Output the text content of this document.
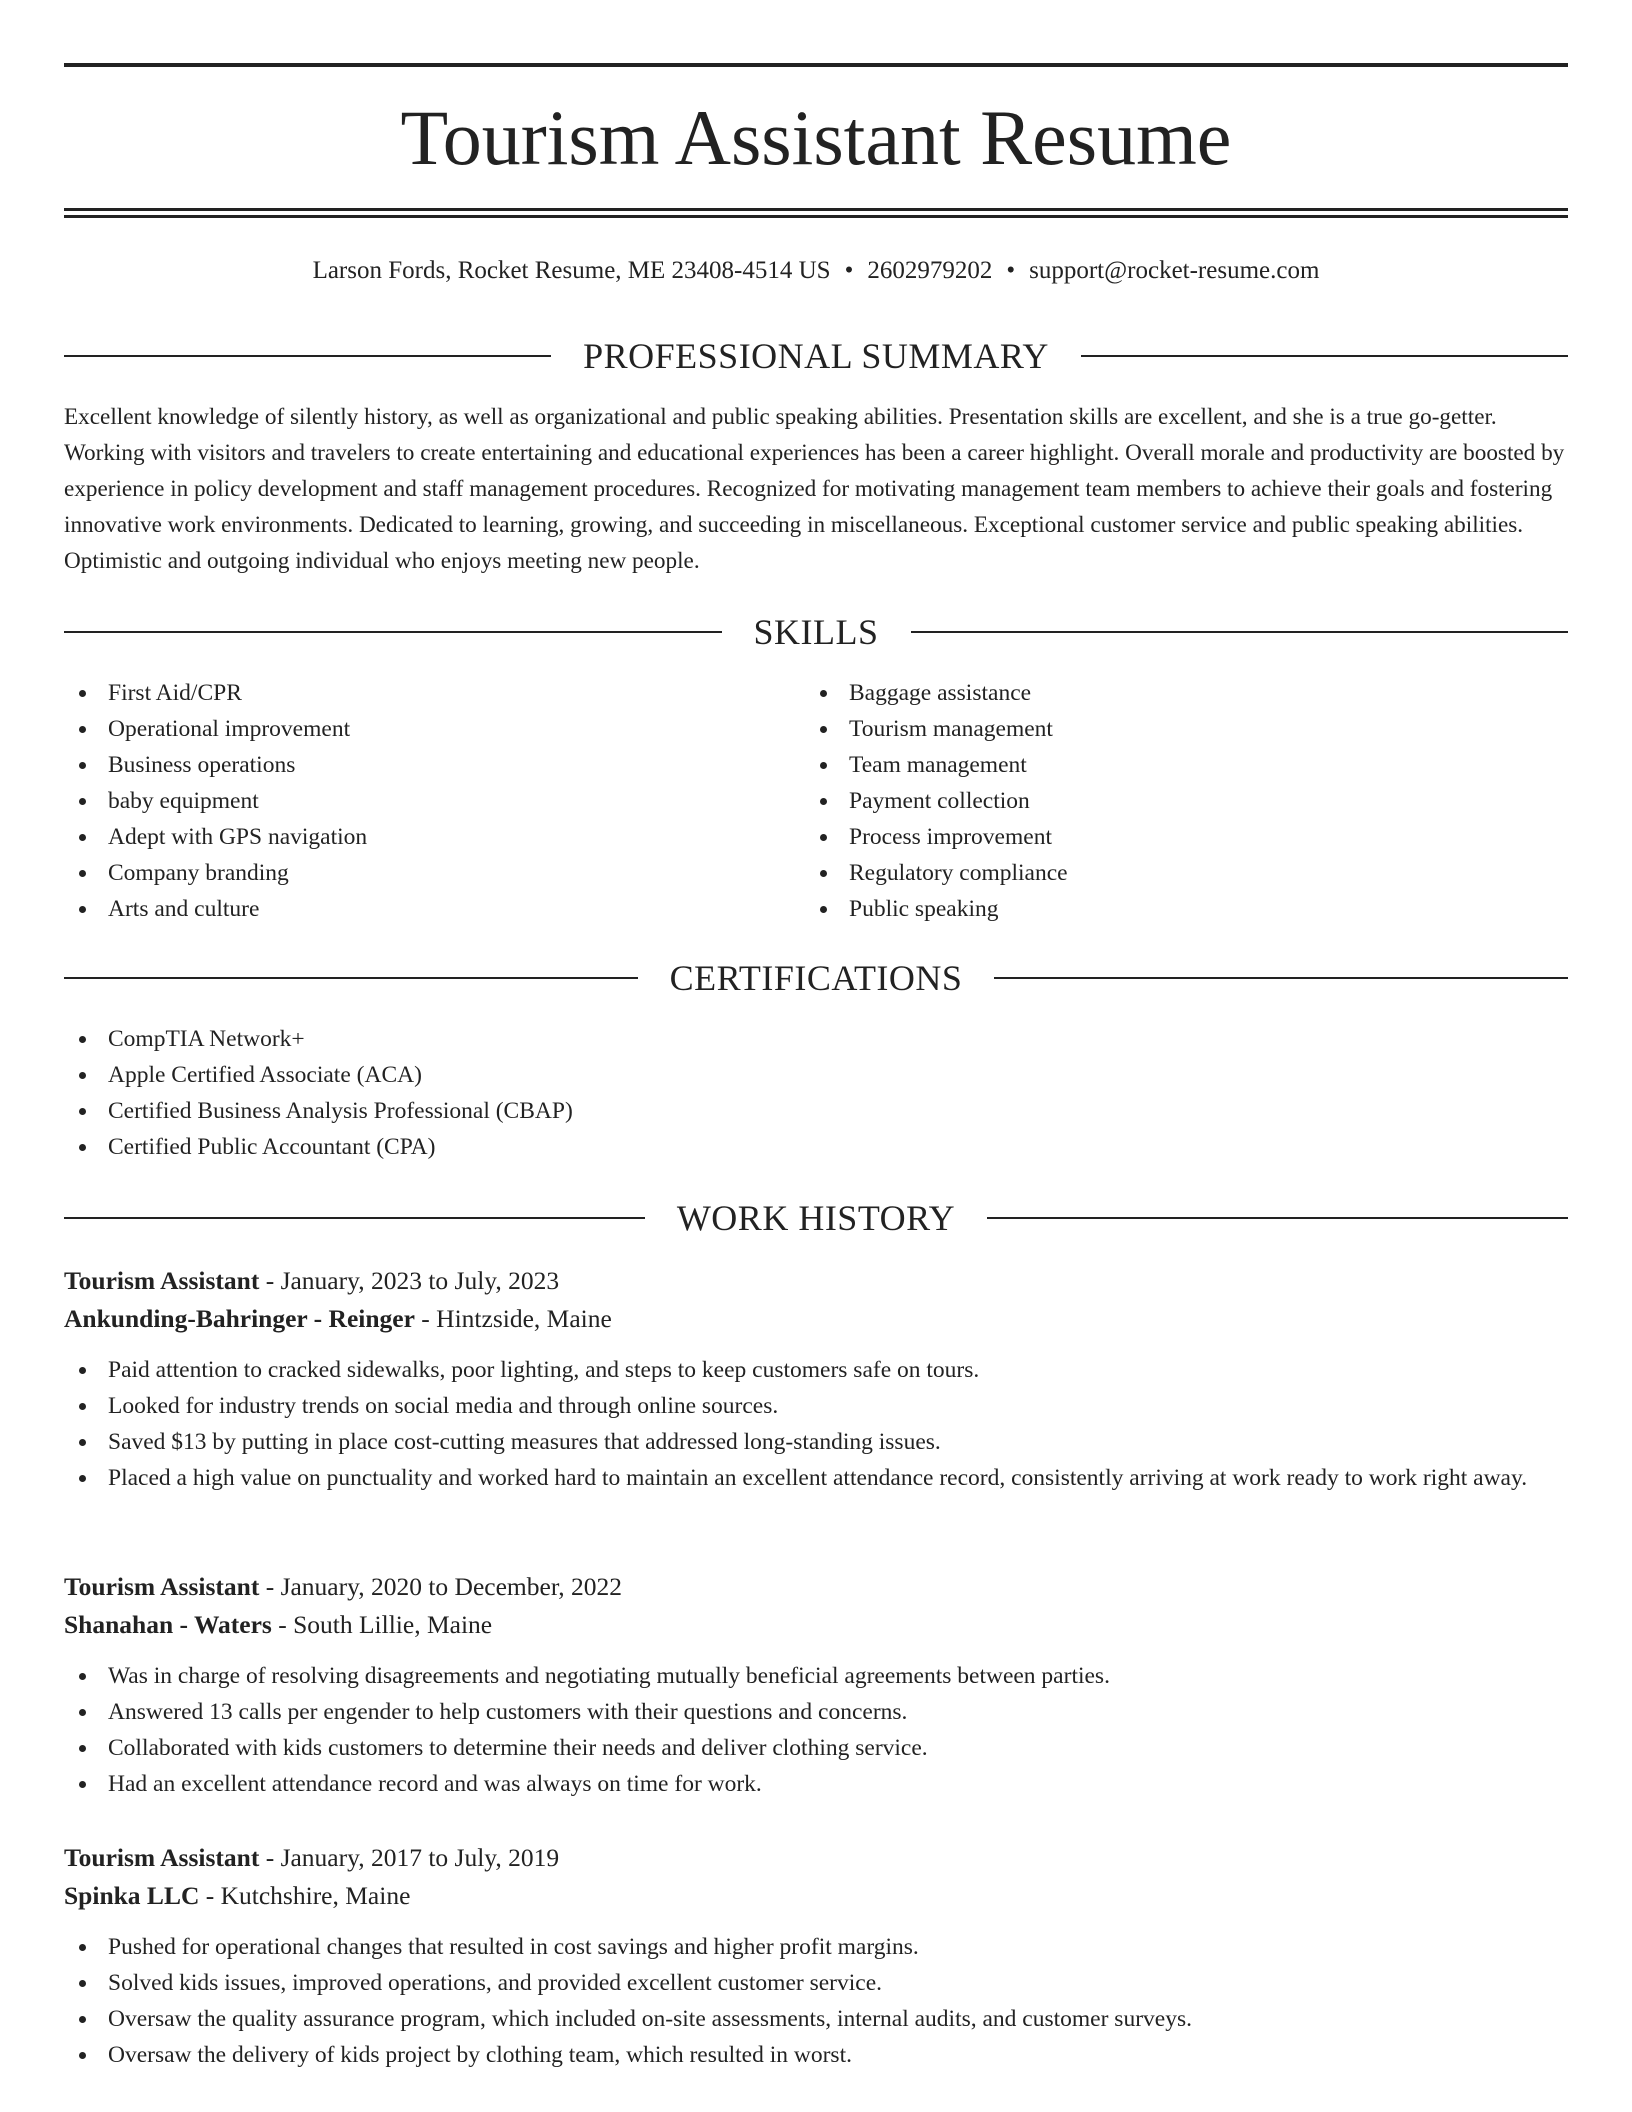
Tourism Assistant Resume
Larson Fords, Rocket Resume, ME 23408-4514 US • 2602979202 • support@rocket-resume.com
PROFESSIONAL SUMMARY

Excellent knowledge of silently history, as well as organizational and public speaking abilities. Presentation skills are excellent, and she is a true go-getter. Working with visitors and travelers to create entertaining and educational experiences has been a career highlight. Overall morale and productivity are boosted by experience in policy development and staff management procedures. Recognized for motivating management team members to achieve their goals and fostering innovative work environments. Dedicated to learning, growing, and succeeding in miscellaneous. Exceptional customer service and public speaking abilities. Optimistic and outgoing individual who enjoys meeting new people.

SKILLS
First Aid/CPR
Operational improvement
Business operations
baby equipment
Adept with GPS navigation
Company branding
Arts and culture
Baggage assistance
Tourism management
Team management
Payment collection
Process improvement
Regulatory compliance
Public speaking
CERTIFICATIONS
CompTIA Network+
Apple Certified Associate (ACA)
Certified Business Analysis Professional (CBAP)
Certified Public Accountant (CPA)
WORK HISTORY
Tourism Assistant - January, 2023 to July, 2023
Ankunding-Bahringer - Reinger - Hintzside, Maine
Paid attention to cracked sidewalks, poor lighting, and steps to keep customers safe on tours.
Looked for industry trends on social media and through online sources.
Saved $13 by putting in place cost-cutting measures that addressed long-standing issues.
Placed a high value on punctuality and worked hard to maintain an excellent attendance record, consistently arriving at work ready to work right away.
Tourism Assistant - January, 2020 to December, 2022
Shanahan - Waters - South Lillie, Maine
Was in charge of resolving disagreements and negotiating mutually beneficial agreements between parties.
Answered 13 calls per engender to help customers with their questions and concerns.
Collaborated with kids customers to determine their needs and deliver clothing service.
Had an excellent attendance record and was always on time for work.
Tourism Assistant - January, 2017 to July, 2019
Spinka LLC - Kutchshire, Maine
Pushed for operational changes that resulted in cost savings and higher profit margins.
Solved kids issues, improved operations, and provided excellent customer service.
Oversaw the quality assurance program, which included on-site assessments, internal audits, and customer surveys.
Oversaw the delivery of kids project by clothing team, which resulted in worst.
